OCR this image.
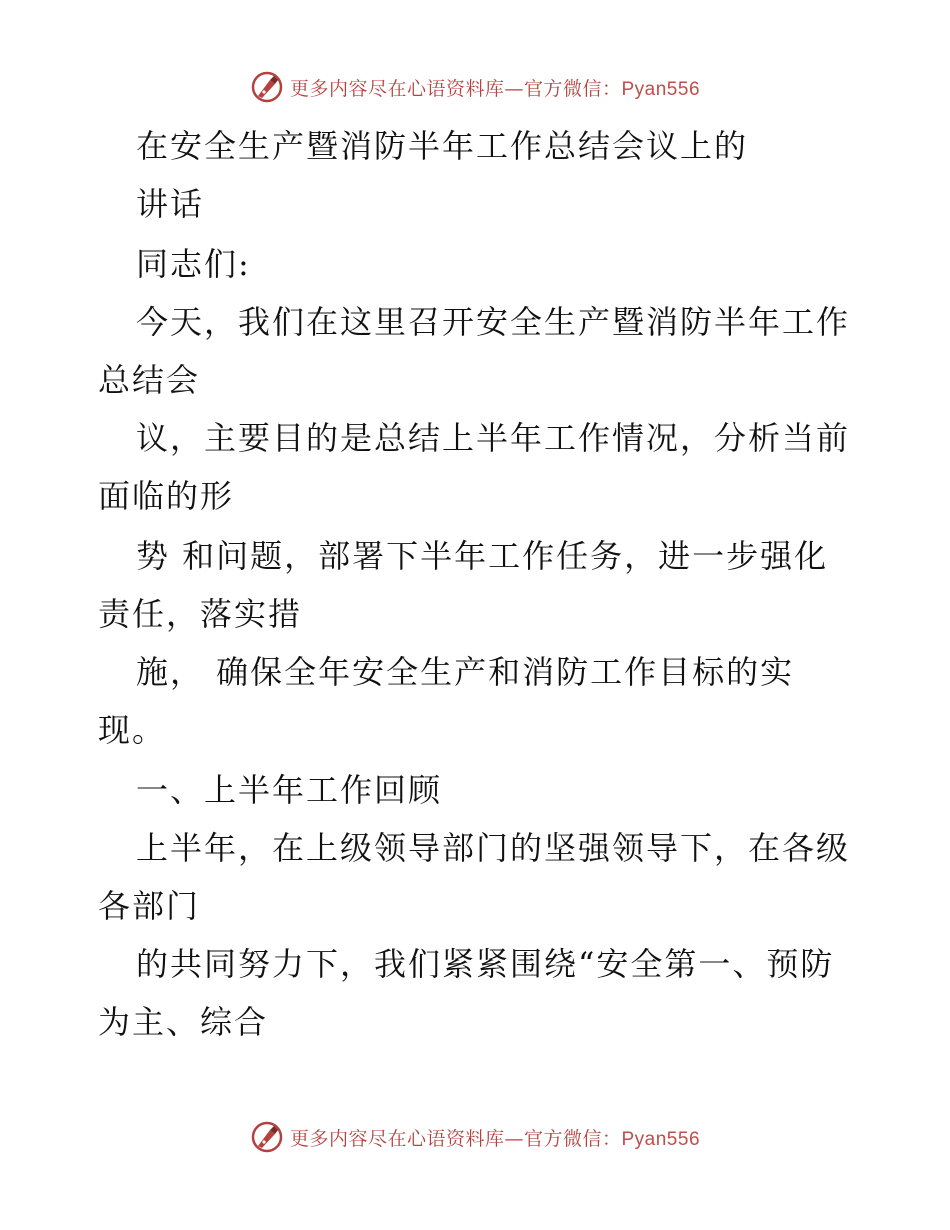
更多内容尽在心语资料库—官方微信：Pyan556
在安全生产暨消防半年工作总结会议上的
讲话
同志们:
今天，我们在这里召开安全生产暨消防半年工作
总结会
议，主要目的是总结上半年工作情况，分析当前
面临的形
势 和问题，部署下半年工作任务，进一步强化
责任，落实措
施， 确保全年安全生产和消防工作目标的实
现。
一、上半年工作回顾
上半年，在上级领导部门的坚强领导下，在各级
各部门
的共同努力下，我们紧紧围绕“安全第一、预防
为主、综合
更多内容尽在心语资料库—官方微信：Pyan556
